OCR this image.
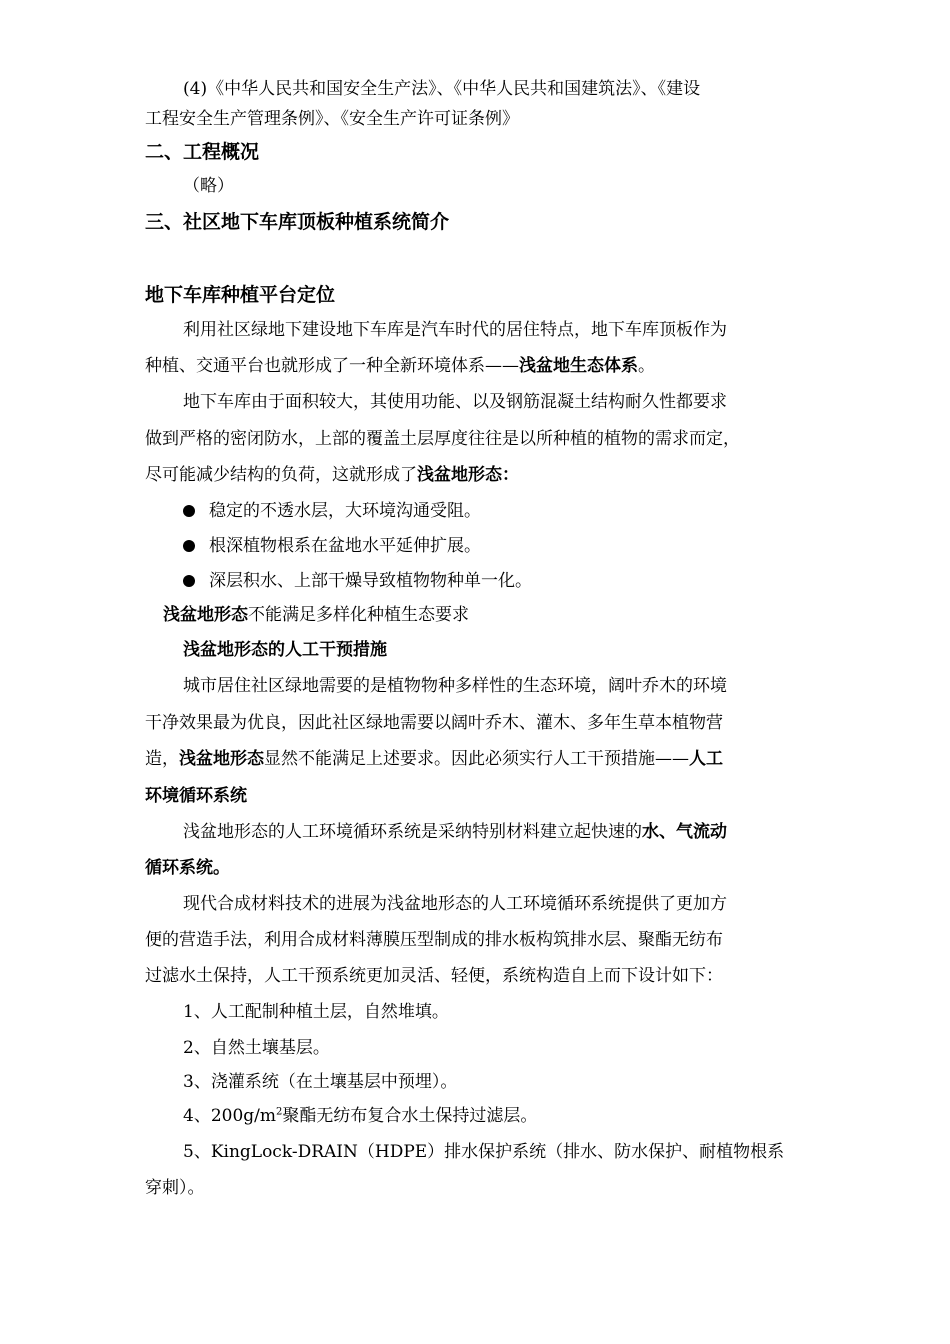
(4)《中华人民共和国安全生产法》、《中华人民共和国建筑法》、《建设
工程安全生产管理条例》、《安全生产许可证条例》
二、工程概况
（略）
三、社区地下车库顶板种植系统简介
地下车库种植平台定位
利用社区绿地下建设地下车库是汽车时代的居住特点，地下车库顶板作为
种植、交通平台也就形成了一种全新环境体系——浅盆地生态体系。
地下车库由于面积较大，其使用功能、以及钢筋混凝土结构耐久性都要求
做到严格的密闭防水，上部的覆盖土层厚度往往是以所种植的植物的需求而定，
尽可能减少结构的负荷，这就形成了浅盆地形态：
稳定的不透水层，大环境沟通受阻。
根深植物根系在盆地水平延伸扩展。
深层积水、上部干燥导致植物物种单一化。
浅盆地形态不能满足多样化种植生态要求
浅盆地形态的人工干预措施
城市居住社区绿地需要的是植物物种多样性的生态环境，阔叶乔木的环境
干净效果最为优良，因此社区绿地需要以阔叶乔木、灌木、多年生草本植物营
造，浅盆地形态显然不能满足上述要求。因此必须实行人工干预措施——人工
环境循环系统
浅盆地形态的人工环境循环系统是采纳特别材料建立起快速的水、气流动
循环系统。
现代合成材料技术的进展为浅盆地形态的人工环境循环系统提供了更加方
便的营造手法，利用合成材料薄膜压型制成的排水板构筑排水层、聚酯无纺布
过滤水土保持，人工干预系统更加灵活、轻便，系统构造自上而下设计如下：
1、人工配制种植土层，自然堆填。
2、自然土壤基层。
3、浇灌系统（在土壤基层中预埋）。
4、$200g/m^2$聚酯无纺布复合水土保持过滤层。
5、KingLock-DRAIN（HDPE）排水保护系统（排水、防水保护、耐植物根系
穿刺）。
